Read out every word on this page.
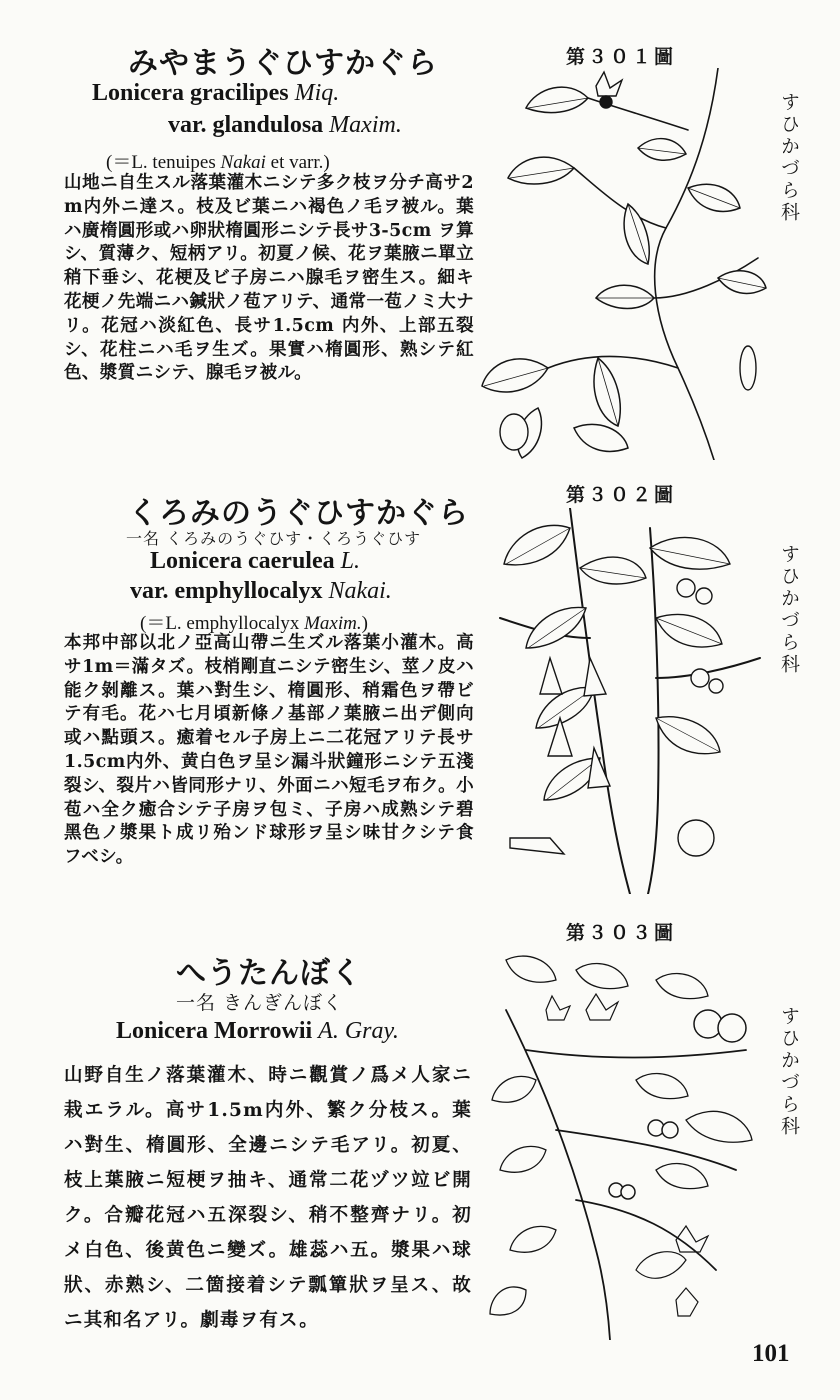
みやまうぐひすかぐら
Lonicera gracilipes Miq.
var. glandulosa Maxim.
(＝L. tenuipes Nakai et varr.)

山地ニ自生スル落葉灌木ニシテ多ク枝ヲ分チ高サ2m内外ニ達ス。枝及ビ葉ニハ褐色ノ毛ヲ被ル。葉ハ廣楕圓形或ハ卵狀楕圓形ニシテ長サ3-5cm ヲ算シ、質薄ク、短柄アリ。初夏ノ候、花ヲ葉腋ニ單立稍下垂シ、花梗及ビ子房ニハ腺毛ヲ密生ス。細キ花梗ノ先端ニハ鍼狀ノ苞アリテ、通常一苞ノミ大ナリ。花冠ハ淡紅色、長サ1.5cm 内外、上部五裂シ、花柱ニハ毛ヲ生ズ。果實ハ楕圓形、熟シテ紅色、漿質ニシテ、腺毛ヲ被ル。

第３０１圖
すひかづら科
くろみのうぐひすかぐら
一名 くろみのうぐひす・くろうぐひす
Lonicera caerulea L.
var. emphyllocalyx Nakai.
(＝L. emphyllocalyx Maxim.)

本邦中部以北ノ亞高山帶ニ生ズル落葉小灌木。高サ1m＝滿タズ。枝梢剛直ニシテ密生シ、莖ノ皮ハ能ク剝離ス。葉ハ對生シ、楕圓形、稍霜色ヲ帶ビテ有毛。花ハ七月頃新條ノ基部ノ葉腋ニ出デ側向或ハ點頭ス。癒着セル子房上ニ二花冠アリテ長サ1.5cm内外、黄白色ヲ呈シ漏斗狀鐘形ニシテ五淺裂シ、裂片ハ皆同形ナリ、外面ニハ短毛ヲ布ク。小苞ハ全ク癒合シテ子房ヲ包ミ、子房ハ成熟シテ碧黑色ノ漿果ト成リ殆ンド球形ヲ呈シ味甘クシテ食フベシ。

第３０２圖
すひかづら科
へうたんぼく
一名 きんぎんぼく
Lonicera Morrowii A. Gray.

山野自生ノ落葉灌木、時ニ觀賞ノ爲メ人家ニ栽エラル。高サ1.5m内外、繁ク分枝ス。葉ハ對生、楕圓形、全邊ニシテ毛アリ。初夏、枝上葉腋ニ短梗ヲ抽キ、通常二花ヅツ竝ビ開ク。合瓣花冠ハ五深裂シ、稍不整齊ナリ。初メ白色、後黄色ニ變ズ。雄蕊ハ五。漿果ハ球狀、赤熟シ、二箇接着シテ瓢簞狀ヲ呈ス、故ニ其和名アリ。劇毒ヲ有ス。

第３０３圖
すひかづら科
101
